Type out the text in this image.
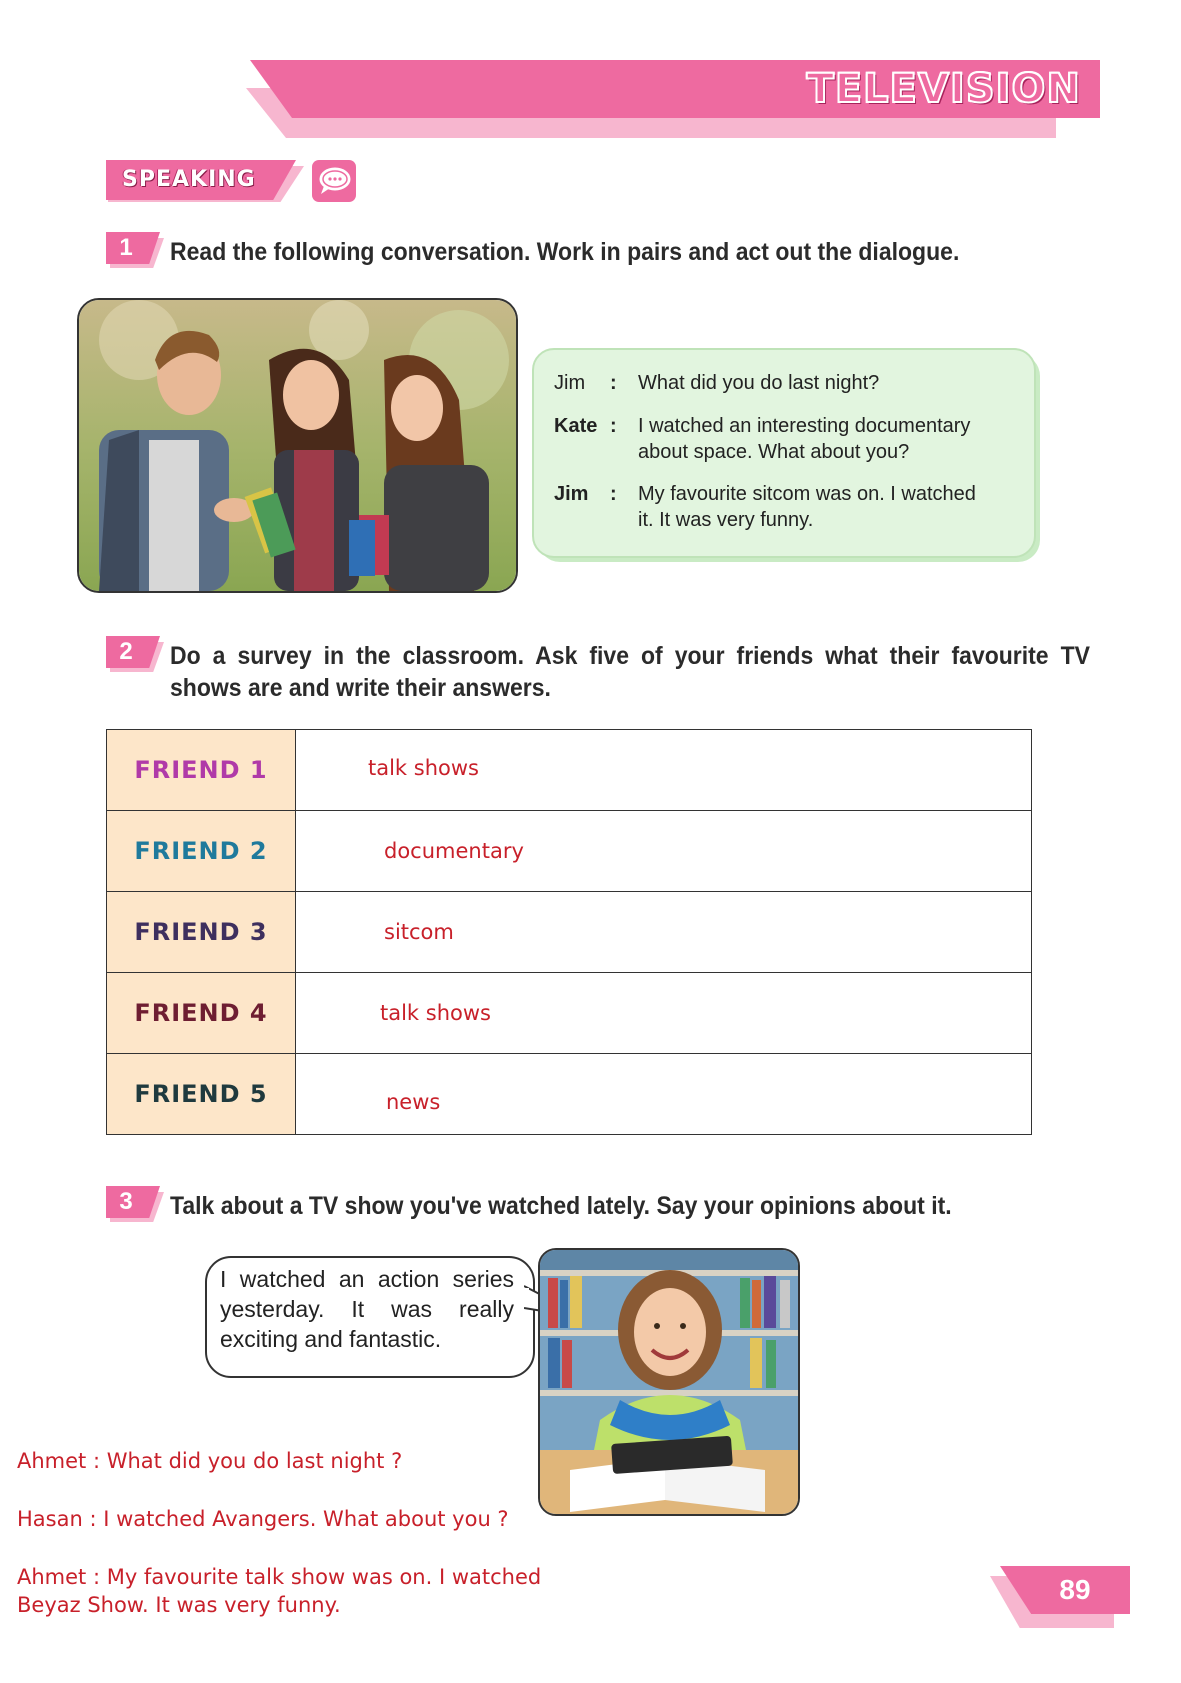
TELEVISION
SPEAKING
1	Read the following conversation. Work in pairs and act out the dialogue.
Jim : What did you do last night?
Kate : I watched an interesting documentary
about space. What about you?
Jim : My favourite sitcom was on. I watched
it. It was very funny.
2	Do a survey in the classroom. Ask five of your friends what their favourite TV
shows are and write their answers.
FRIEND 1	talk shows

FRIEND 2	documentary

FRIEND 3	sitcom

FRIEND 4	talk shows

FRIEND 5	news
3	Talk about a TV show you've watched lately. Say your opinions about it.
I watched an action series yesterday. It was really exciting and fantastic.
Ahmet : What did you do last night ?
Hasan : I watched Avangers. What about you ?
Ahmet : My favourite talk show was on. I watched
Beyaz Show. It was very funny.	89
